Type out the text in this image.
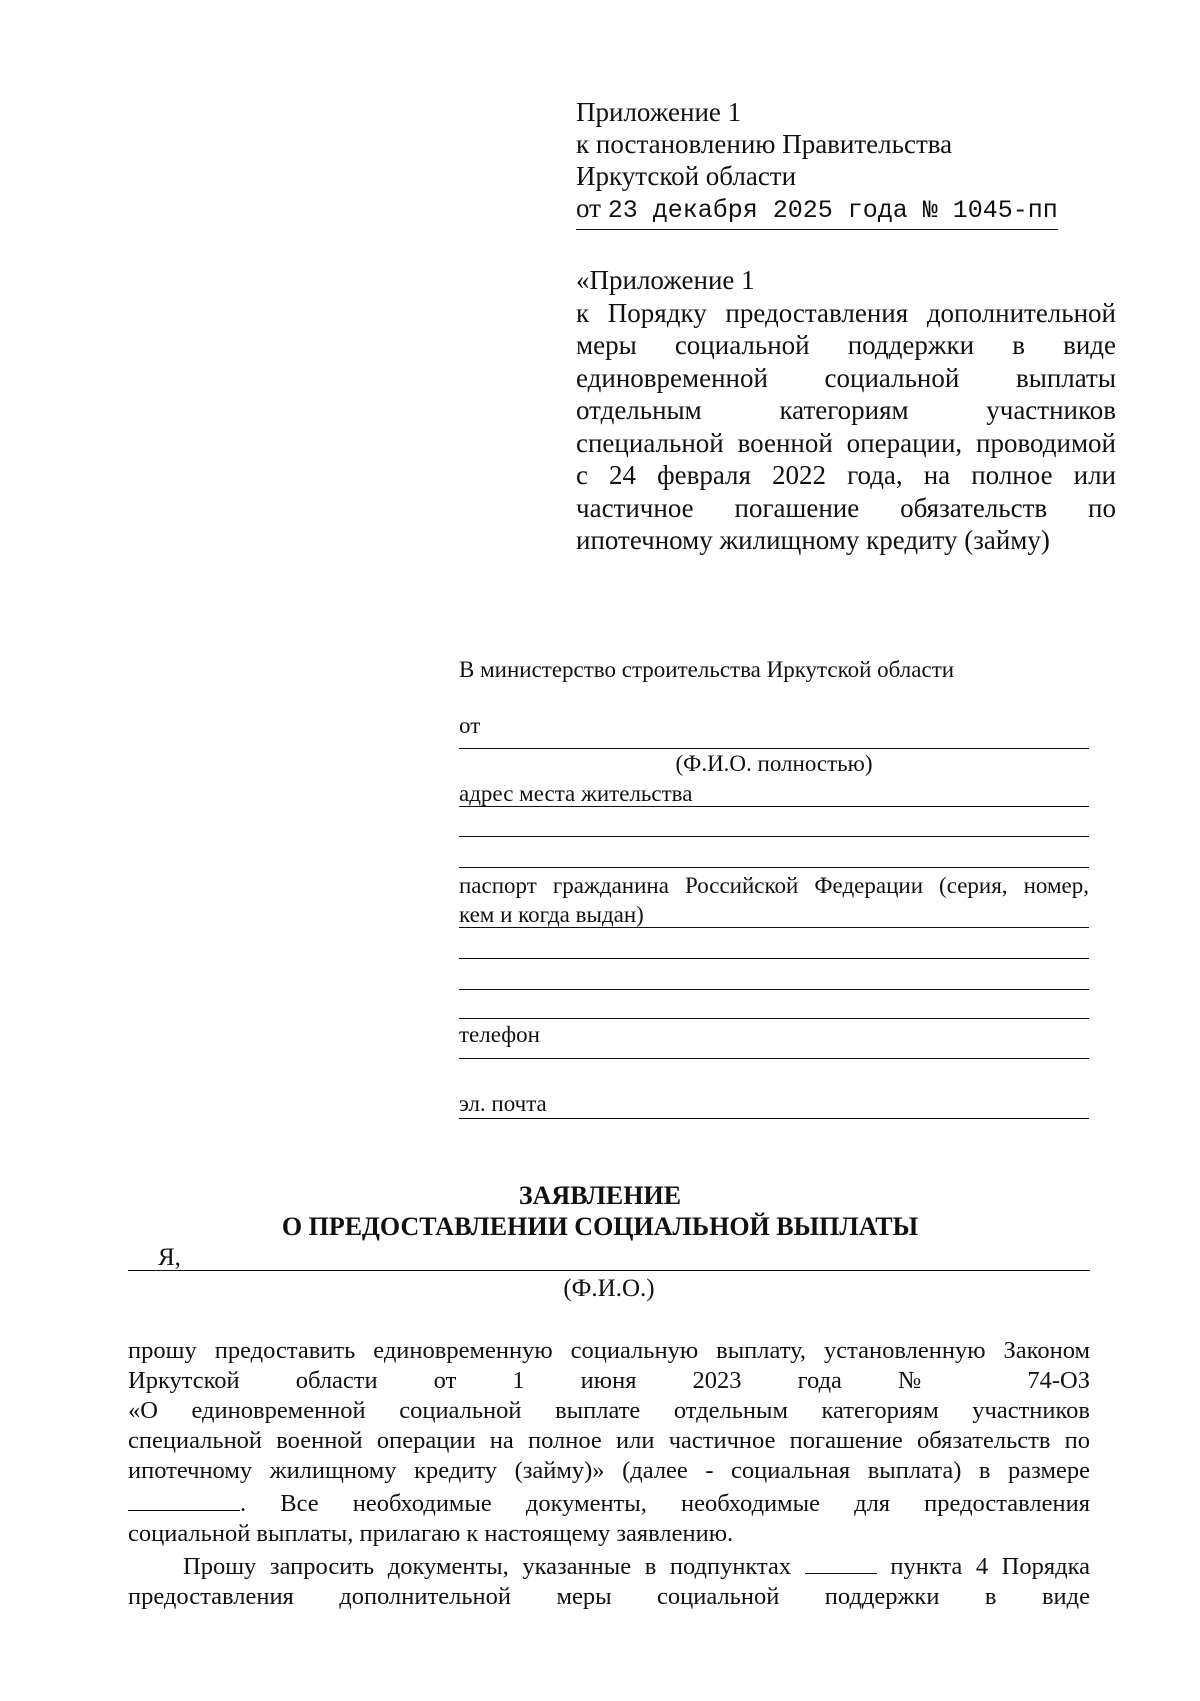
Приложение 1
к постановлению Правительства
Иркутской области
от 23 декабря 2025 года № 1045-пп
«Приложение 1
к Порядку предоставления дополнительной
меры социальной поддержки в виде
единовременной социальной выплаты
отдельным категориям участников
специальной военной операции, проводимой
с 24 февраля 2022 года, на полное или
частичное погашение обязательств по
ипотечному жилищному кредиту (займу)
В министерство строительства Иркутской области
от
(Ф.И.О. полностью)
адрес места жительства
паспорт гражданина Российской Федерации (серия, номер,
кем и когда выдан)
телефон
эл. почта
ЗАЯВЛЕНИЕ
О ПРЕДОСТАВЛЕНИИ СОЦИАЛЬНОЙ ВЫПЛАТЫ
Я,
(Ф.И.О.)
прошу предоставить единовременную социальную выплату, установленную Законом
Иркутской области от 1 июня 2023 года № 74-ОЗ
«О единовременной социальной выплате отдельным категориям участников
специальной военной операции на полное или частичное погашение обязательств по
ипотечному жилищному кредиту (займу)» (далее - социальная выплата) в размере
. Все необходимые документы, необходимые для предоставления
социальной выплаты, прилагаю к настоящему заявлению.
Прошу запросить документы, указанные в подпунктах	пункта 4 Порядка
предоставления дополнительной меры социальной поддержки в виде
